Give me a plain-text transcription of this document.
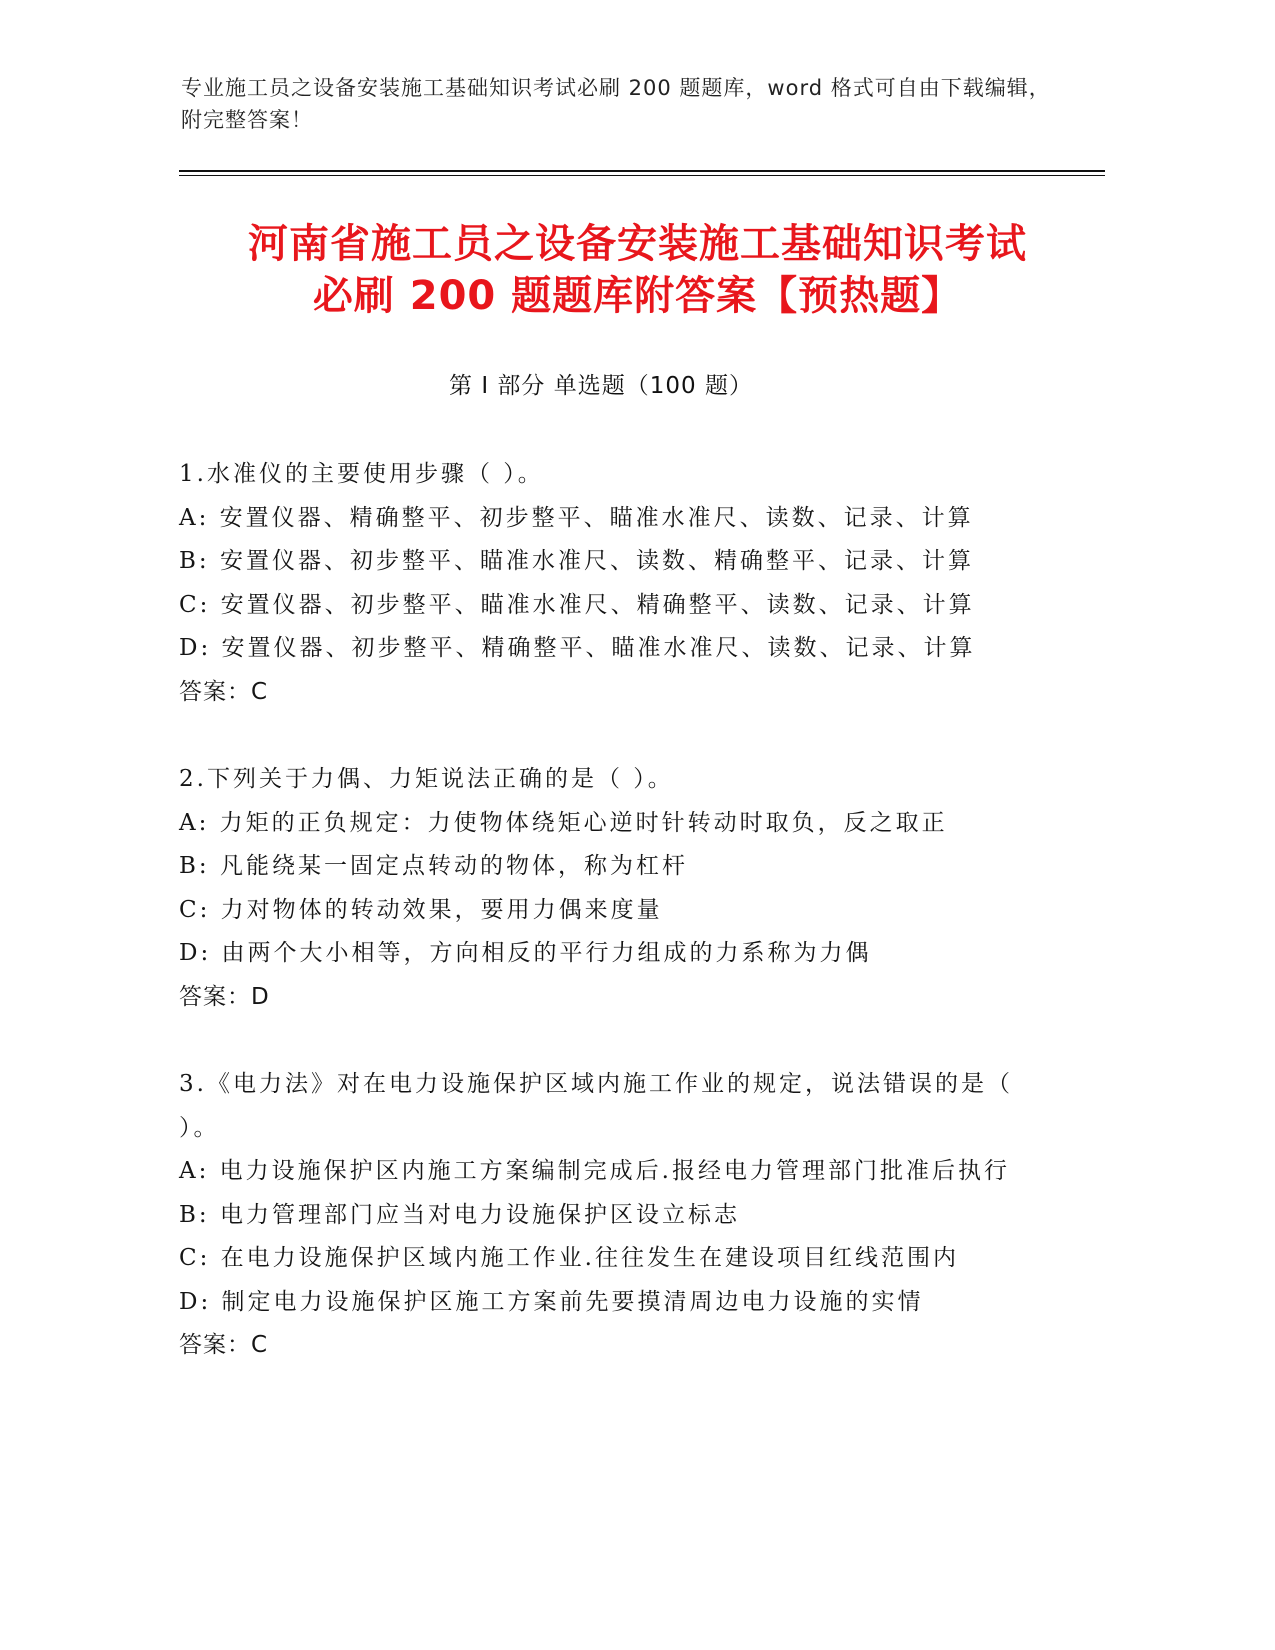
专业施工员之设备安装施工基础知识考试必刷 200 题题库，word 格式可自由下载编辑，附完整答案！
河南省施工员之设备安装施工基础知识考试
必刷 200 题题库附答案【预热题】
第 I 部分 单选题（100 题）
1.水准仪的主要使用步骤（ ）。
A: 安置仪器、精确整平、初步整平、瞄准水准尺、读数、记录、计算
B: 安置仪器、初步整平、瞄准水准尺、读数、精确整平、记录、计算
C: 安置仪器、初步整平、瞄准水准尺、精确整平、读数、记录、计算
D: 安置仪器、初步整平、精确整平、瞄准水准尺、读数、记录、计算
答案：C
2.下列关于力偶、力矩说法正确的是（ ）。
A: 力矩的正负规定：力使物体绕矩心逆时针转动时取负，反之取正
B: 凡能绕某一固定点转动的物体，称为杠杆
C: 力对物体的转动效果，要用力偶来度量
D: 由两个大小相等，方向相反的平行力组成的力系称为力偶
答案：D
3.《电力法》对在电力设施保护区域内施工作业的规定，说法错误的是（ ）。
A: 电力设施保护区内施工方案编制完成后.报经电力管理部门批准后执行
B: 电力管理部门应当对电力设施保护区设立标志
C: 在电力设施保护区域内施工作业.往往发生在建设项目红线范围内
D: 制定电力设施保护区施工方案前先要摸清周边电力设施的实情
答案：C
